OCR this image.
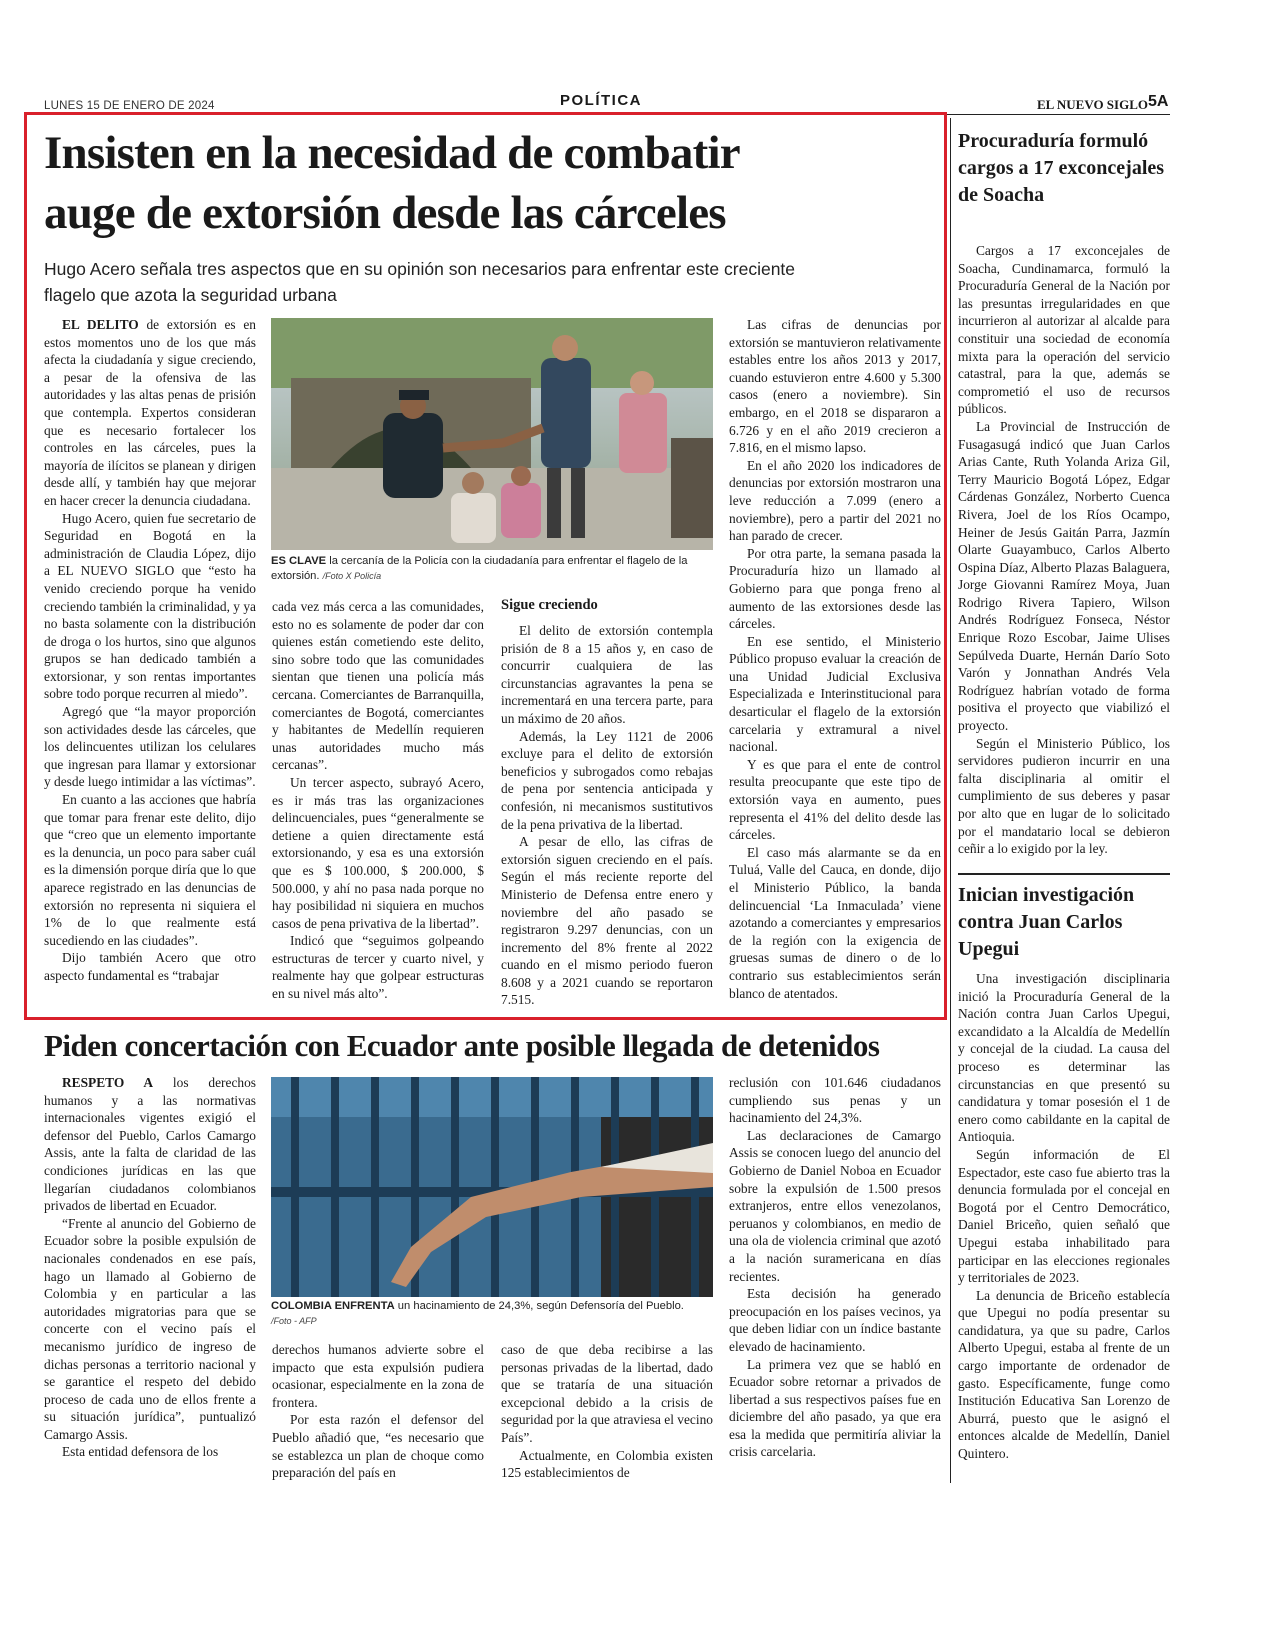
LUNES 15 DE ENERO DE 2024	POLÍTICA	EL NUEVO SIGLO 5A
Insisten en la necesidad de combatir
auge de extorsión desde las cárceles
Hugo Acero señala tres aspectos que en su opinión son necesarios para enfrentar este creciente
flagelo que azota la seguridad urbana

EL DELITO de extorsión es en estos momentos uno de los que más afecta la ciudadanía y sigue creciendo, a pesar de la ofensiva de las autoridades y las altas penas de prisión que contempla. Expertos consideran que es necesario fortalecer los controles en las cárceles, pues la mayoría de ilícitos se planean y dirigen desde allí, y también hay que mejorar en hacer crecer la denuncia ciudadana.

Hugo Acero, quien fue secretario de Seguridad en Bogotá en la administración de Claudia López, dijo a EL NUEVO SIGLO que “esto ha venido creciendo porque ha venido creciendo también la criminalidad, y ya no basta solamente con la distribución de droga o los hurtos, sino que algunos grupos se han dedicado también a extorsionar, y son rentas importantes sobre todo porque recurren al miedo”.

Agregó que “la mayor proporción son actividades desde las cárceles, que los delincuentes utilizan los celulares que ingresan para llamar y extorsionar y desde luego intimidar a las víctimas”.

En cuanto a las acciones que habría que tomar para frenar este delito, dijo que “creo que un elemento importante es la denuncia, un poco para saber cuál es la dimensión porque diría que lo que aparece registrado en las denuncias de extorsión no representa ni siquiera el 1% de lo que realmente está sucediendo en las ciudades”.

Dijo también Acero que otro aspecto fundamental es “trabajar

ES CLAVE la cercanía de la Policía con la ciudadanía para enfrentar el flagelo de la extorsión. /Foto X Policía

cada vez más cerca a las comunidades, esto no es solamente de poder dar con quienes están cometiendo este delito, sino sobre todo que las comunidades sientan que tienen una policía más cercana. Comerciantes de Barranquilla, comerciantes de Bogotá, comerciantes y habitantes de Medellín requieren unas autoridades mucho más cercanas”.

Un tercer aspecto, subrayó Acero, es ir más tras las organizaciones delincuenciales, pues “generalmente se detiene a quien directamente está extorsionando, y esa es una extorsión que es $ 100.000, $ 200.000, $ 500.000, y ahí no pasa nada porque no hay posibilidad ni siquiera en muchos casos de pena privativa de la libertad”.

Indicó que “seguimos golpeando estructuras de tercer y cuarto nivel, y realmente hay que golpear estructuras en su nivel más alto”.

Sigue creciendo

El delito de extorsión contempla prisión de 8 a 15 años y, en caso de concurrir cualquiera de las circunstancias agravantes la pena se incrementará en una tercera parte, para un máximo de 20 años.

Además, la Ley 1121 de 2006 excluye para el delito de extorsión beneficios y subrogados como rebajas de pena por sentencia anticipada y confesión, ni mecanismos sustitutivos de la pena privativa de la libertad.

A pesar de ello, las cifras de extorsión siguen creciendo en el país. Según el más reciente reporte del Ministerio de Defensa entre enero y noviembre del año pasado se registraron 9.297 denuncias, con un incremento del 8% frente al 2022 cuando en el mismo periodo fueron 8.608 y a 2021 cuando se reportaron 7.515.

Las cifras de denuncias por extorsión se mantuvieron relativamente estables entre los años 2013 y 2017, cuando estuvieron entre 4.600 y 5.300 casos (enero a noviembre). Sin embargo, en el 2018 se dispararon a 6.726 y en el año 2019 crecieron a 7.816, en el mismo lapso.

En el año 2020 los indicadores de denuncias por extorsión mostraron una leve reducción a 7.099 (enero a noviembre), pero a partir del 2021 no han parado de crecer.

Por otra parte, la semana pasada la Procuraduría hizo un llamado al Gobierno para que ponga freno al aumento de las extorsiones desde las cárceles.

En ese sentido, el Ministerio Público propuso evaluar la creación de una Unidad Judicial Exclusiva Especializada e Interinstitucional para desarticular el flagelo de la extorsión carcelaria y extramural a nivel nacional.

Y es que para el ente de control resulta preocupante que este tipo de extorsión vaya en aumento, pues representa el 41% del delito desde las cárceles.

El caso más alarmante se da en Tuluá, Valle del Cauca, en donde, dijo el Ministerio Público, la banda delincuencial ‘La Inmaculada’ viene azotando a comerciantes y empresarios de la región con la exigencia de gruesas sumas de dinero o de lo contrario sus establecimientos serán blanco de atentados.

Piden concertación con Ecuador ante posible llegada de detenidos

RESPETO A los derechos humanos y a las normativas internacionales vigentes exigió el defensor del Pueblo, Carlos Camargo Assis, ante la falta de claridad de las condiciones jurídicas en las que llegarían ciudadanos colombianos privados de libertad en Ecuador.

“Frente al anuncio del Gobierno de Ecuador sobre la posible expulsión de nacionales condenados en ese país, hago un llamado al Gobierno de Colombia y en particular a las autoridades migratorias para que se concerte con el vecino país el mecanismo jurídico de ingreso de dichas personas a territorio nacional y se garantice el respeto del debido proceso de cada uno de ellos frente a su situación jurídica”, puntualizó Camargo Assis.

Esta entidad defensora de los

COLOMBIA ENFRENTA un hacinamiento de 24,3%, según Defensoría del Pueblo. /Foto - AFP

derechos humanos advierte sobre el impacto que esta expulsión pudiera ocasionar, especialmente en la zona de frontera.

Por esta razón el defensor del Pueblo añadió que, “es necesario que se establezca un plan de choque como preparación del país en

caso de que deba recibirse a las personas privadas de la libertad, dado que se trataría de una situación excepcional debido a la crisis de seguridad por la que atraviesa el vecino País”.

Actualmente, en Colombia existen 125 establecimientos de

reclusión con 101.646 ciudadanos cumpliendo sus penas y un hacinamiento del 24,3%.

Las declaraciones de Camargo Assis se conocen luego del anuncio del Gobierno de Daniel Noboa en Ecuador sobre la expulsión de 1.500 presos extranjeros, entre ellos venezolanos, peruanos y colombianos, en medio de una ola de violencia criminal que azotó a la nación suramericana en días recientes.

Esta decisión ha generado preocupación en los países vecinos, ya que deben lidiar con un índice bastante elevado de hacinamiento.

La primera vez que se habló en Ecuador sobre retornar a privados de libertad a sus respectivos países fue en diciembre del año pasado, ya que era esa la medida que permitiría aliviar la crisis carcelaria.

Procuraduría formuló cargos a 17 exconcejales de Soacha

Cargos a 17 exconcejales de Soacha, Cundinamarca, formuló la Procuraduría General de la Nación por las presuntas irregularidades en que incurrieron al autorizar al alcalde para constituir una sociedad de economía mixta para la operación del servicio catastral, para la que, además se comprometió el uso de recursos públicos.

La Provincial de Instrucción de Fusagasugá indicó que Juan Carlos Arias Cante, Ruth Yolanda Ariza Gil, Terry Mauricio Bogotá López, Edgar Cárdenas González, Norberto Cuenca Rivera, Joel de los Ríos Ocampo, Heiner de Jesús Gaitán Parra, Jazmín Olarte Guayambuco, Carlos Alberto Ospina Díaz, Alberto Plazas Balaguera, Jorge Giovanni Ramírez Moya, Juan Rodrigo Rivera Tapiero, Wilson Andrés Rodríguez Fonseca, Néstor Enrique Rozo Escobar, Jaime Ulises Sepúlveda Duarte, Hernán Darío Soto Varón y Jonnathan Andrés Vela Rodríguez habrían votado de forma positiva el proyecto que viabilizó el proyecto.

Según el Ministerio Público, los servidores pudieron incurrir en una falta disciplinaria al omitir el cumplimiento de sus deberes y pasar por alto que en lugar de lo solicitado por el mandatario local se debieron ceñir a lo exigido por la ley.

Inician investigación contra Juan Carlos Upegui

Una investigación disciplinaria inició la Procuraduría General de la Nación contra Juan Carlos Upegui, excandidato a la Alcaldía de Medellín y concejal de la ciudad. La causa del proceso es determinar las circunstancias en que presentó su candidatura y tomar posesión el 1 de enero como cabildante en la capital de Antioquia.

Según información de El Espectador, este caso fue abierto tras la denuncia formulada por el concejal en Bogotá por el Centro Democrático, Daniel Briceño, quien señaló que Upegui estaba inhabilitado para participar en las elecciones regionales y territoriales de 2023.

La denuncia de Briceño establecía que Upegui no podía presentar su candidatura, ya que su padre, Carlos Alberto Upegui, estaba al frente de un cargo importante de ordenador de gasto. Específicamente, funge como Institución Educativa San Lorenzo de Aburrá, puesto que le asignó el entonces alcalde de Medellín, Daniel Quintero.
